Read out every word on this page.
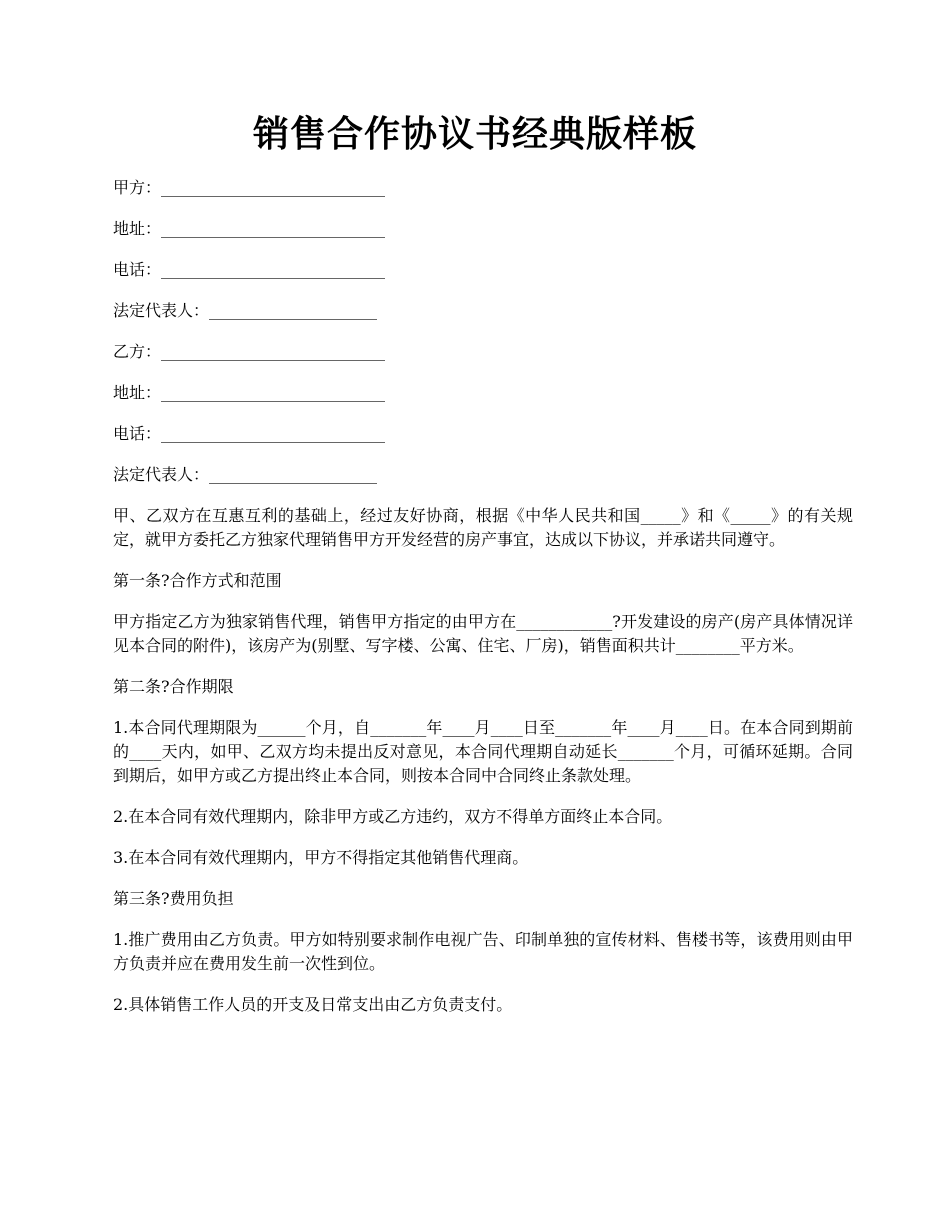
销售合作协议书经典版样板

甲方：____________________________

地址：____________________________

电话：____________________________

法定代表人：_____________________

乙方：____________________________

地址：____________________________

电话：____________________________

法定代表人：_____________________

甲、乙双方在互惠互利的基础上，经过友好协商，根据《中华人民共和国_____》和《_____》的有关规定，就甲方委托乙方独家代理销售甲方开发经营的房产事宜，达成以下协议，并承诺共同遵守。

第一条?合作方式和范围

甲方指定乙方为独家销售代理，销售甲方指定的由甲方在____________?开发建设的房产(房产具体情况详见本合同的附件)，该房产为(别墅、写字楼、公寓、住宅、厂房)，销售面积共计________平方米。

第二条?合作期限

1.本合同代理期限为______个月，自_______年____月____日至_______年____月____日。在本合同到期前的____天内，如甲、乙双方均未提出反对意见，本合同代理期自动延长_______个月，可循环延期。合同到期后，如甲方或乙方提出终止本合同，则按本合同中合同终止条款处理。

2.在本合同有效代理期内，除非甲方或乙方违约，双方不得单方面终止本合同。

3.在本合同有效代理期内，甲方不得指定其他销售代理商。

第三条?费用负担

1.推广费用由乙方负责。甲方如特别要求制作电视广告、印制单独的宣传材料、售楼书等，该费用则由甲方负责并应在费用发生前一次性到位。

2.具体销售工作人员的开支及日常支出由乙方负责支付。
